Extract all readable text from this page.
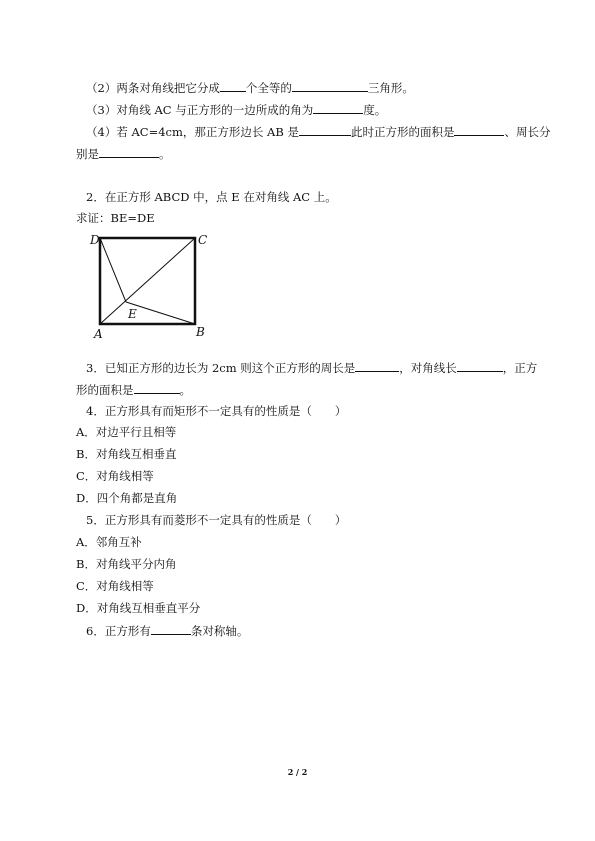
（2）两条对角线把它分成 个全等的	三角形。
（3）对角线 AC 与正方形的一边所成的角为	度。
（4）若 AC=4cm，那正方形边长 AB 是	此时正方形的面积是	、周长分
别是	。
2．在正方形 ABCD 中，点 E 在对角线 AC 上。
求证：BE=DE
D	C
A	B
E
3．已知正方形的边长为 2cm 则这个正方形的周长是	，对角线长	，正方
形的面积是	。
4．正方形具有而矩形不一定具有的性质是（　　）
A．对边平行且相等
B．对角线互相垂直
C．对角线相等
D．四个角都是直角
5．正方形具有而菱形不一定具有的性质是（　　）
A．邻角互补
B．对角线平分内角
C．对角线相等
D．对角线互相垂直平分
6．正方形有	条对称轴。
2 / 2
